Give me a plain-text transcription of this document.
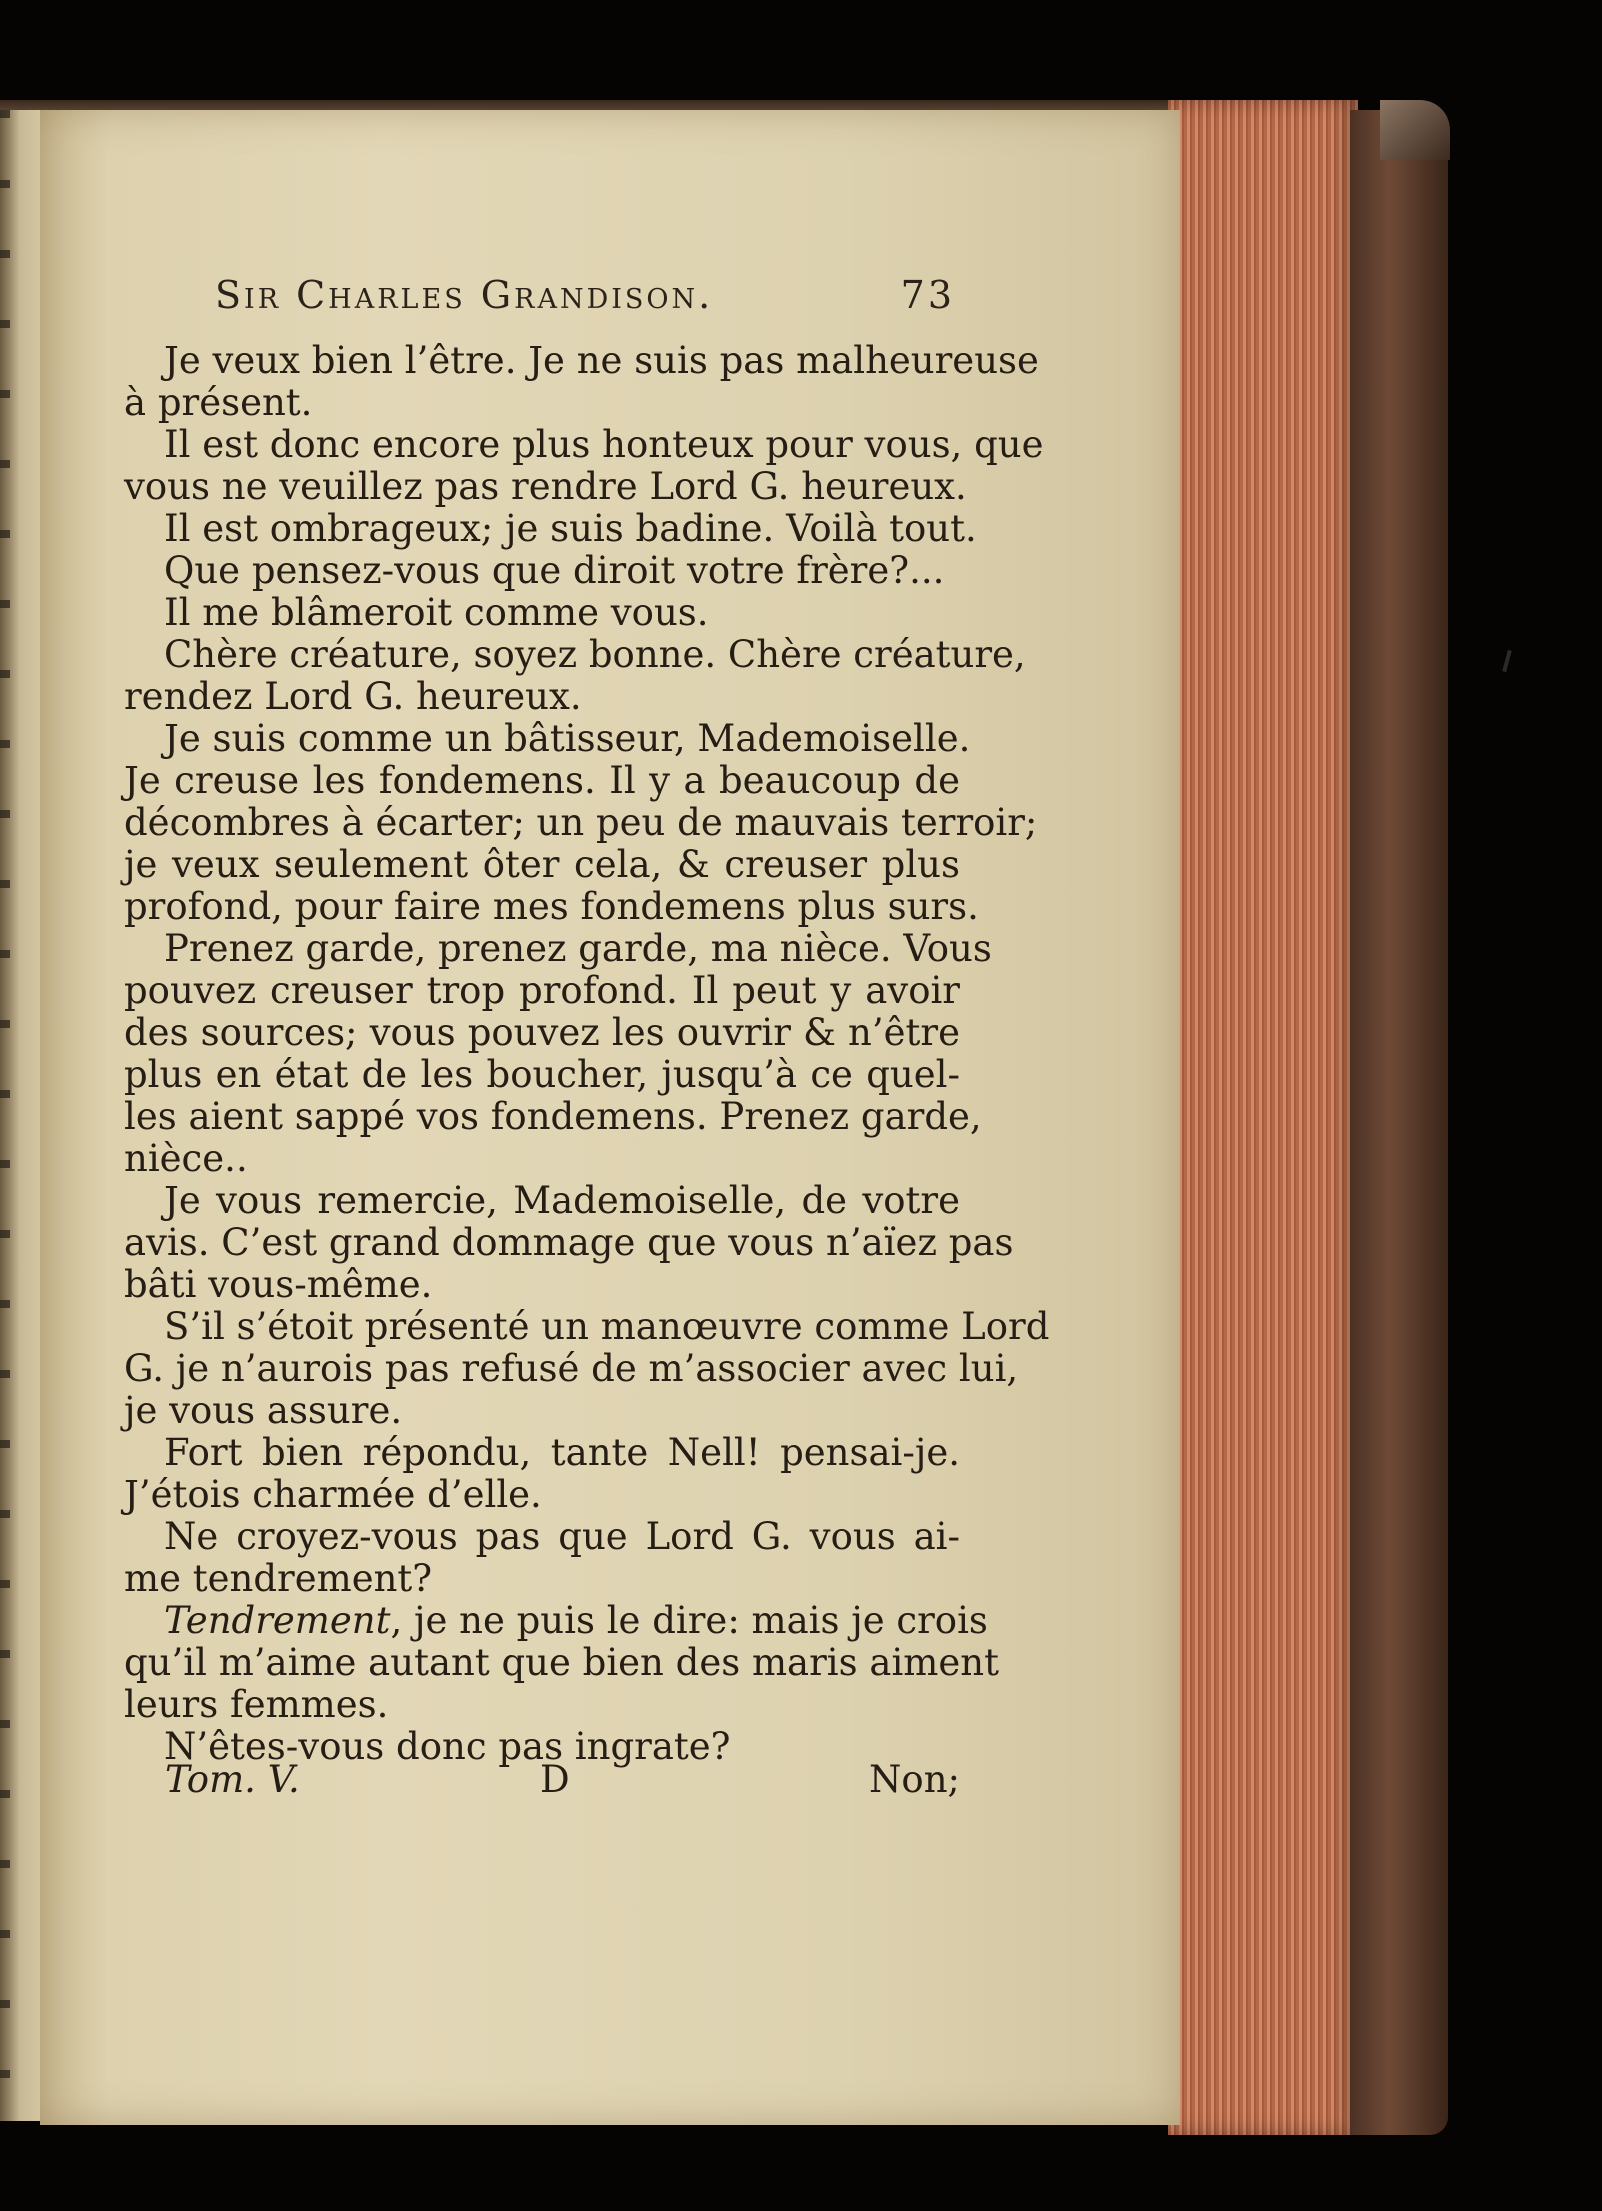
Sir Charles Grandison.	73
Je veux bien l’être. Je ne suis pas malheureuse
à présent.
Il est donc encore plus honteux pour vous, que
vous ne veuillez pas rendre Lord G. heureux.
Il est ombrageux; je suis badine. Voilà tout.
Que pensez-vous que diroit votre frère?...
Il me blâmeroit comme vous.
Chère créature, soyez bonne. Chère créature,
rendez Lord G. heureux.
Je suis comme un bâtisseur, Mademoiselle.
Je creuse les fondemens. Il y a beaucoup de
décombres à écarter; un peu de mauvais terroir;
je veux seulement ôter cela, & creuser plus
profond, pour faire mes fondemens plus surs.
Prenez garde, prenez garde, ma nièce. Vous
pouvez creuser trop profond. Il peut y avoir
des sources; vous pouvez les ouvrir & n’être
plus en état de les boucher, jusqu’à ce quel-
les aient sappé vos fondemens. Prenez garde,
nièce..
Je vous remercie, Mademoiselle, de votre
avis. C’est grand dommage que vous n’aïez pas
bâti vous-même.
S’il s’étoit présenté un manœuvre comme Lord
G. je n’aurois pas refusé de m’associer avec lui,
je vous assure.
Fort bien répondu, tante Nell! pensai-je.
J’étois charmée d’elle.
Ne croyez-vous pas que Lord G. vous ai-
me tendrement?
Tendrement, je ne puis le dire: mais je crois
qu’il m’aime autant que bien des maris aiment
leurs femmes.
N’êtes-vous donc pas ingrate?
Tom. V.	D	Non;
